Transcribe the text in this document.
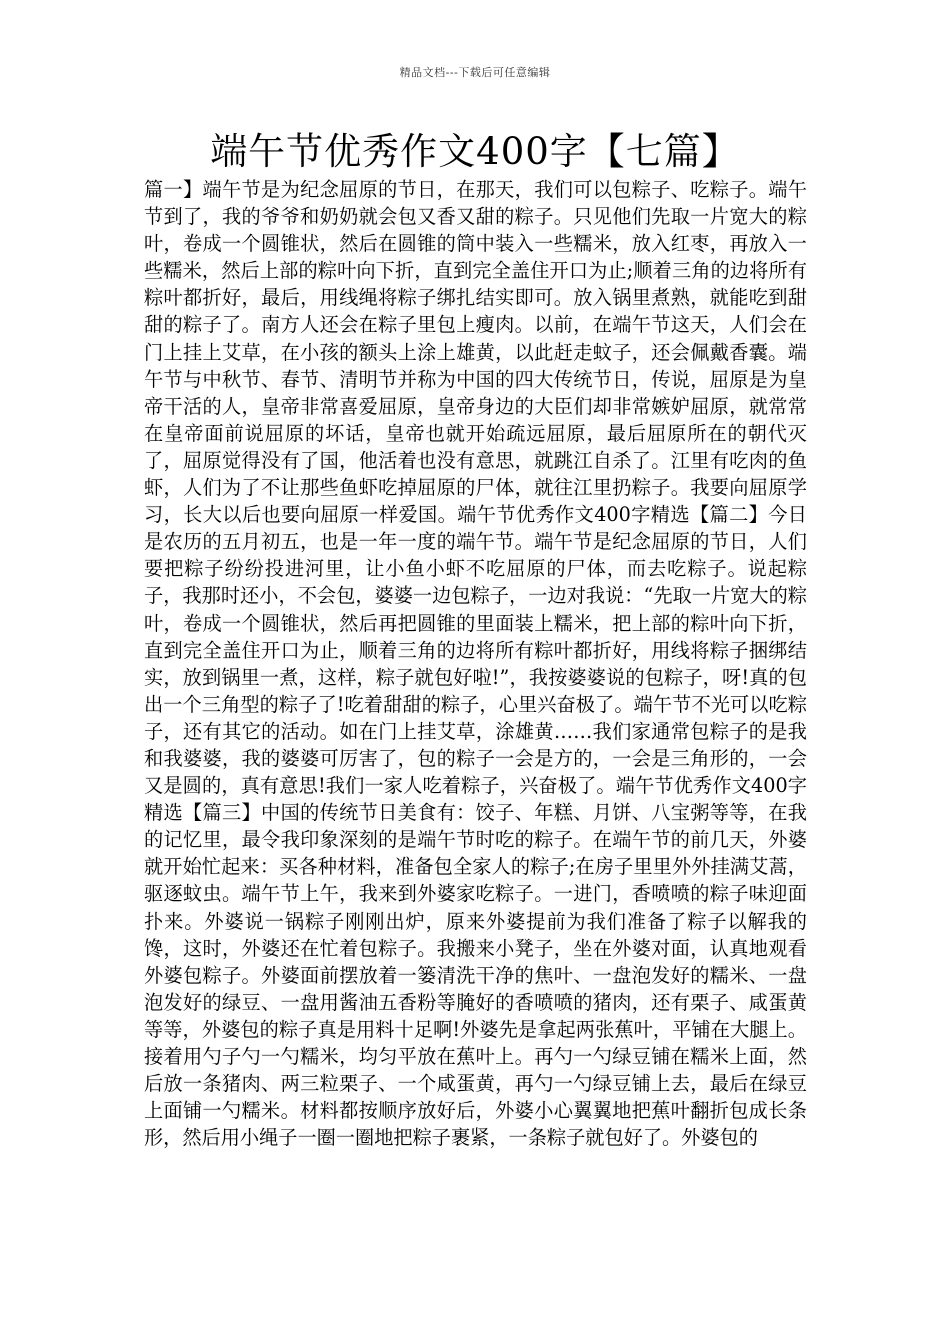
精品文档---下载后可任意编辑
端午节优秀作文400字【七篇】

篇一】端午节是为纪念屈原的节日，在那天，我们可以包粽子、吃粽子。端午节到了，我的爷爷和奶奶就会包又香又甜的粽子。只见他们先取一片宽大的粽叶，卷成一个圆锥状，然后在圆锥的筒中装入一些糯米，放入红枣，再放入一些糯米，然后上部的粽叶向下折，直到完全盖住开口为止;顺着三角的边将所有粽叶都折好，最后，用线绳将粽子绑扎结实即可。放入锅里煮熟，就能吃到甜甜的粽子了。南方人还会在粽子里包上瘦肉。以前，在端午节这天，人们会在门上挂上艾草，在小孩的额头上涂上雄黄，以此赶走蚊子，还会佩戴香囊。端午节与中秋节、春节、清明节并称为中国的四大传统节日，传说，屈原是为皇帝干活的人，皇帝非常喜爱屈原，皇帝身边的大臣们却非常嫉妒屈原，就常常在皇帝面前说屈原的坏话，皇帝也就开始疏远屈原，最后屈原所在的朝代灭了，屈原觉得没有了国，他活着也没有意思，就跳江自杀了。江里有吃肉的鱼虾，人们为了不让那些鱼虾吃掉屈原的尸体，就往江里扔粽子。我要向屈原学习，长大以后也要向屈原一样爱国。端午节优秀作文400字精选【篇二】今日是农历的五月初五，也是一年一度的端午节。端午节是纪念屈原的节日，人们要把粽子纷纷投进河里，让小鱼小虾不吃屈原的尸体，而去吃粽子。说起粽子，我那时还小，不会包，婆婆一边包粽子，一边对我说：“先取一片宽大的粽叶，卷成一个圆锥状，然后再把圆锥的里面装上糯米，把上部的粽叶向下折，直到完全盖住开口为止，顺着三角的边将所有粽叶都折好，用线将粽子捆绑结实，放到锅里一煮，这样，粽子就包好啦!”，我按婆婆说的包粽子，呀!真的包出一个三角型的粽子了!吃着甜甜的粽子，心里兴奋极了。端午节不光可以吃粽子，还有其它的活动。如在门上挂艾草，涂雄黄……我们家通常包粽子的是我和我婆婆，我的婆婆可厉害了，包的粽子一会是方的，一会是三角形的，一会又是圆的，真有意思!我们一家人吃着粽子，兴奋极了。端午节优秀作文400字精选【篇三】中国的传统节日美食有：饺子、年糕、月饼、八宝粥等等，在我的记忆里，最令我印象深刻的是端午节时吃的粽子。在端午节的前几天，外婆就开始忙起来：买各种材料，准备包全家人的粽子;在房子里里外外挂满艾蒿，驱逐蚊虫。端午节上午，我来到外婆家吃粽子。一进门，香喷喷的粽子味迎面扑来。外婆说一锅粽子刚刚出炉，原来外婆提前为我们准备了粽子以解我的馋，这时，外婆还在忙着包粽子。我搬来小凳子，坐在外婆对面，认真地观看外婆包粽子。外婆面前摆放着一篓清洗干净的焦叶、一盘泡发好的糯米、一盘泡发好的绿豆、一盘用酱油五香粉等腌好的香喷喷的猪肉，还有栗子、咸蛋黄等等，外婆包的粽子真是用料十足啊!外婆先是拿起两张蕉叶，平铺在大腿上。接着用勺子勺一勺糯米，均匀平放在蕉叶上。再勺一勺绿豆铺在糯米上面，然后放一条猪肉、两三粒栗子、一个咸蛋黄，再勺一勺绿豆铺上去，最后在绿豆上面铺一勺糯米。材料都按顺序放好后，外婆小心翼翼地把蕉叶翻折包成长条形，然后用小绳子一圈一圈地把粽子裹紧，一条粽子就包好了。外婆包的
